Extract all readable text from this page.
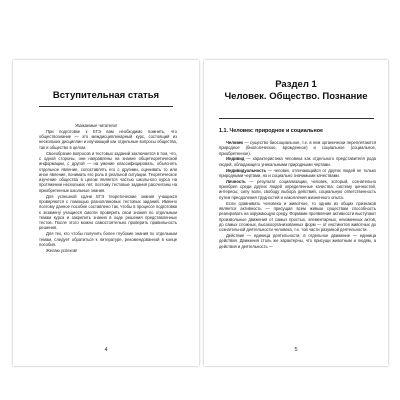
Вступительная статья

Уважаемые читатели!

При подготовке к ЕГЭ вам необходимо помнить, что обществознание — это междисциплинарный курс, состоящий из нескольких дисциплин и изучающий как отдельные вопросы общества, так и общество в целом.

Своеобразие вопросов и тестовых заданий заключается в том, что, с одной стороны, они направлены на знание общетеоретической информации, с другой — на умение классифицировать, объяснять отдельное явление, сопоставлять его с другими, оценивать то или иное явление, понимать его роль в реальной ситуации. Теоретическое изучение общества в целом является частью школьного курса на протяжении нескольких лет, поэтому тестовые задания рассчитаны на приобретенные школьные знания.

Для успешной сдачи ЕГЭ теоретические знания учащихся проверяются с помощью разноплановых тестовых заданий. Именно поэтому данное пособие составлено так, чтобы в процессе подготовки к экзамену учащиеся смогли проверить свои знания по отдельным темам курса и закрепить знания в ходе решения представленных тестов. После этого можно самостоятельно проверить правильность решения.

Для тех, кто чтобы получить более глубокие знания по отдельным темам, следует обратиться к литературе, рекомендованной в конце пособия.

Желаю успехов!

4
Раздел 1
Человек. Общество. Познание
1.1. Человек: природное и социальное

Человек — существо биосоциальное, т.е. в нем органически переплетаются природное (биологическое, врожденное) и социальное (социальное, приобретенное).

Индивид — характеристика человека как отдельного представителя рода людей, обладающего уникальными природными чертами.

Индивидуальность — человек, отличающийся от других людей не только природными чертами, но и социально значимыми качествами.

Личность — результат социализации, человек, который, сознательно приобрел среди других людей определенные качества: систему ценностей, интересы, силу воли, свободу выбора действий, социальную ответственность путем преодоления трудностей и накопления жизненного опыта.

Если сравнивать человека и животное, то одним из общих признаков является активность — присущая всем живым существам способность реагировать на окружающую среду. Формами проявления активности выступают произвольные движения от самых простых, элементарных, неизменных актов, до самых сложных, высокоорганизованных форм — от инстинктов животных до сознательной деятельности человека, т.е. той части разумной деятельности.

Действие — единица деятельности, в отдельное движение — единица действия. Движения столь же характерны, что присущи животным и людям, а действия и деятельность —

5
